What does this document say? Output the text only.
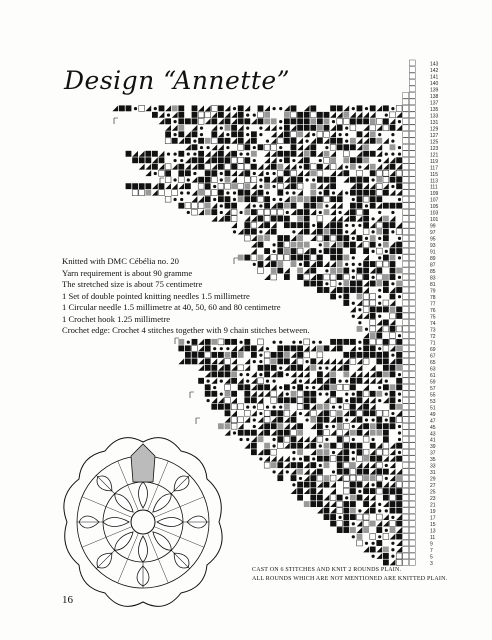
143
142
141
140
139
138
137
135
133
131
129
127
125
123
121
119
117
115
113
111
109
107
105
103
101
99
97
95
93
91
89
87
85
83
81
79
78
77
76
75
74
73
72
71
69
67
65
63
61
59
57
55
53
51
49
47
45
43
41
39
37
35
33
31
29
27
25
23
21
19
17
15
13
11
9
7
5
3
Design “Annette”
Knitted with DMC Cébélia no. 20
Yarn requirement is about 90 gramme
The stretched size is about 75 centimetre
1 Set of double pointed knitting needles 1.5 millimetre
1 Circular needle 1.5 millimetre at 40, 50, 60 and 80 centimetre
1 Crochet hook 1.25 millimetre
Crochet edge: Crochet 4 stitches together with 9 chain stitches between.
CAST ON 6 STITCHES AND KNIT 2 ROUNDS PLAIN.
ALL ROUNDS WHICH ARE NOT MENTIONED ARE KNITTED PLAIN.
16
